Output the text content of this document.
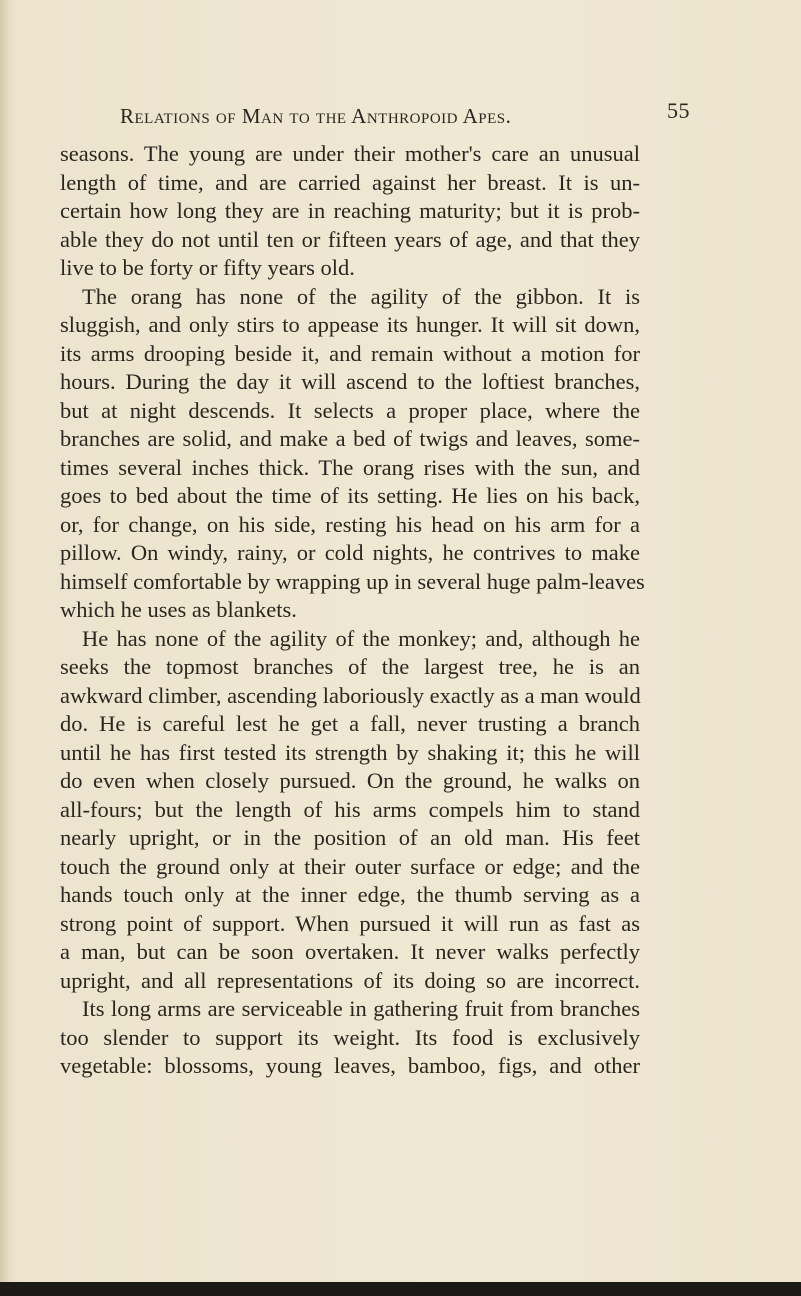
Relations of Man to the Anthropoid Apes.	55
seasons. The young are under their mother's care an unusual
length of time, and are carried against her breast. It is un-
certain how long they are in reaching maturity; but it is prob-
able they do not until ten or fifteen years of age, and that they
live to be forty or fifty years old.
The orang has none of the agility of the gibbon. It is
sluggish, and only stirs to appease its hunger. It will sit down,
its arms drooping beside it, and remain without a motion for
hours. During the day it will ascend to the loftiest branches,
but at night descends. It selects a proper place, where the
branches are solid, and make a bed of twigs and leaves, some-
times several inches thick. The orang rises with the sun, and
goes to bed about the time of its setting. He lies on his back,
or, for change, on his side, resting his head on his arm for a
pillow. On windy, rainy, or cold nights, he contrives to make
himself comfortable by wrapping up in several huge palm-leaves
which he uses as blankets.
He has none of the agility of the monkey; and, although he
seeks the topmost branches of the largest tree, he is an
awkward climber, ascending laboriously exactly as a man would
do. He is careful lest he get a fall, never trusting a branch
until he has first tested its strength by shaking it; this he will
do even when closely pursued. On the ground, he walks on
all-fours; but the length of his arms compels him to stand
nearly upright, or in the position of an old man. His feet
touch the ground only at their outer surface or edge; and the
hands touch only at the inner edge, the thumb serving as a
strong point of support. When pursued it will run as fast as
a man, but can be soon overtaken. It never walks perfectly
upright, and all representations of its doing so are incorrect.
Its long arms are serviceable in gathering fruit from branches
too slender to support its weight. Its food is exclusively
vegetable: blossoms, young leaves, bamboo, figs, and other
